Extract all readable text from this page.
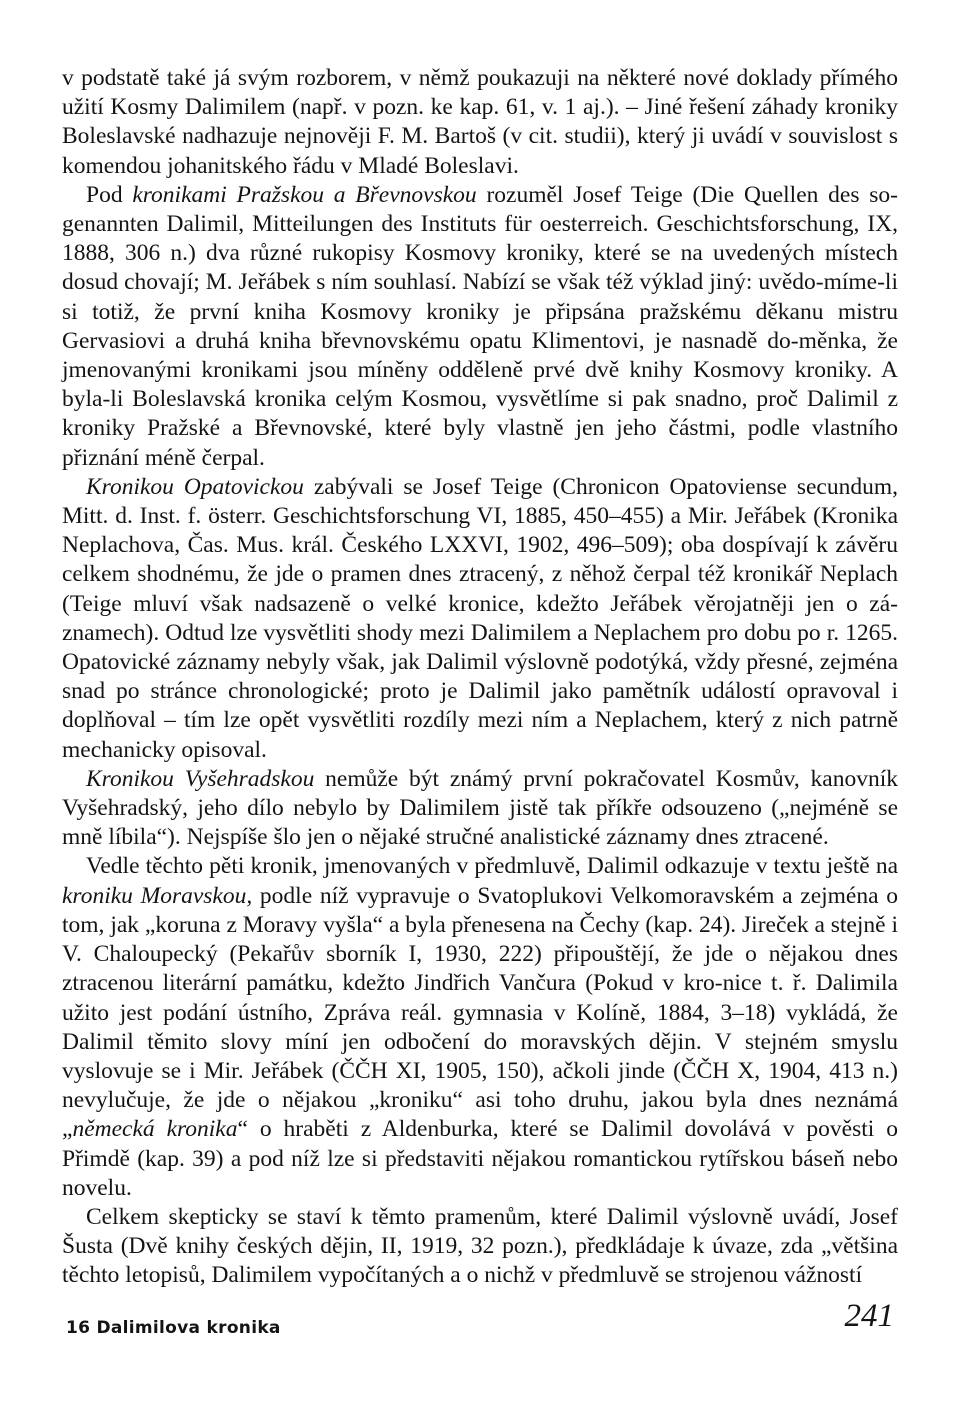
v podstatě také já svým rozborem, v němž poukazuji na některé nové doklady přímého užití Kosmy Dalimilem (např. v pozn. ke kap. 61, v. 1 aj.). – Jiné řešení záhady kroniky Boleslavské nadhazuje nejnověji F. M. Bartoš (v cit. studii), který ji uvádí v souvislost s komendou johanitského řádu v Mladé Boleslavi.

Pod kronikami Pražskou a Břevnovskou rozuměl Josef Teige (Die Quellen des so-genannten Dalimil, Mitteilungen des Instituts für oesterreich. Geschichtsforschung, IX, 1888, 306 n.) dva různé rukopisy Kosmovy kroniky, které se na uvedených místech dosud chovají; M. Jeřábek s ním souhlasí. Nabízí se však též výklad jiný: uvědo-míme-li si totiž, že první kniha Kosmovy kroniky je připsána pražskému děkanu mistru Gervasiovi a druhá kniha břevnovskému opatu Klimentovi, je nasnadě do-měnka, že jmenovanými kronikami jsou míněny odděleně prvé dvě knihy Kosmovy kroniky. A byla-li Boleslavská kronika celým Kosmou, vysvětlíme si pak snadno, proč Dalimil z kroniky Pražské a Břevnovské, které byly vlastně jen jeho částmi, podle vlastního přiznání méně čerpal.

Kronikou Opatovickou zabývali se Josef Teige (Chronicon Opatoviense secundum, Mitt. d. Inst. f. österr. Geschichtsforschung VI, 1885, 450–455) a Mir. Jeřábek (Kronika Neplachova, Čas. Mus. král. Českého LXXVI, 1902, 496–509); oba dospívají k závěru celkem shodnému, že jde o pramen dnes ztracený, z něhož čerpal též kronikář Neplach (Teige mluví však nadsazeně o velké kronice, kdežto Jeřábek věrojatněji jen o zá-znamech). Odtud lze vysvětliti shody mezi Dalimilem a Neplachem pro dobu po r. 1265. Opatovické záznamy nebyly však, jak Dalimil výslovně podotýká, vždy přesné, zejména snad po stránce chronologické; proto je Dalimil jako pamětník událostí opravoval i doplňoval – tím lze opět vysvětliti rozdíly mezi ním a Neplachem, který z nich patrně mechanicky opisoval.

Kronikou Vyšehradskou nemůže být známý první pokračovatel Kosmův, kanovník Vyšehradský, jeho dílo nebylo by Dalimilem jistě tak příkře odsouzeno („nejméně se mně líbila“). Nejspíše šlo jen o nějaké stručné analistické záznamy dnes ztracené.

Vedle těchto pěti kronik, jmenovaných v předmluvě, Dalimil odkazuje v textu ještě na kroniku Moravskou, podle níž vypravuje o Svatoplukovi Velkomoravském a zejména o tom, jak „koruna z Moravy vyšla“ a byla přenesena na Čechy (kap. 24). Jireček a stejně i V. Chaloupecký (Pekařův sborník I, 1930, 222) připouštějí, že jde o nějakou dnes ztracenou literární památku, kdežto Jindřich Vančura (Pokud v kro-nice t. ř. Dalimila užito jest podání ústního, Zpráva reál. gymnasia v Kolíně, 1884, 3–18) vykládá, že Dalimil těmito slovy míní jen odbočení do moravských dějin. V stejném smyslu vyslovuje se i Mir. Jeřábek (ČČH XI, 1905, 150), ačkoli jinde (ČČH X, 1904, 413 n.) nevylučuje, že jde o nějakou „kroniku“ asi toho druhu, jakou byla dnes neznámá „německá kronika“ o hraběti z Aldenburka, které se Dalimil dovolává v pověsti o Přimdě (kap. 39) a pod níž lze si představiti nějakou romantickou rytířskou báseň nebo novelu.

Celkem skepticky se staví k těmto pramenům, které Dalimil výslovně uvádí, Josef Šusta (Dvě knihy českých dějin, II, 1919, 32 pozn.), předkládaje k úvaze, zda „většina těchto letopisů, Dalimilem vypočítaných a o nichž v předmluvě se strojenou vážností

16 Dalimilova kronika	241
